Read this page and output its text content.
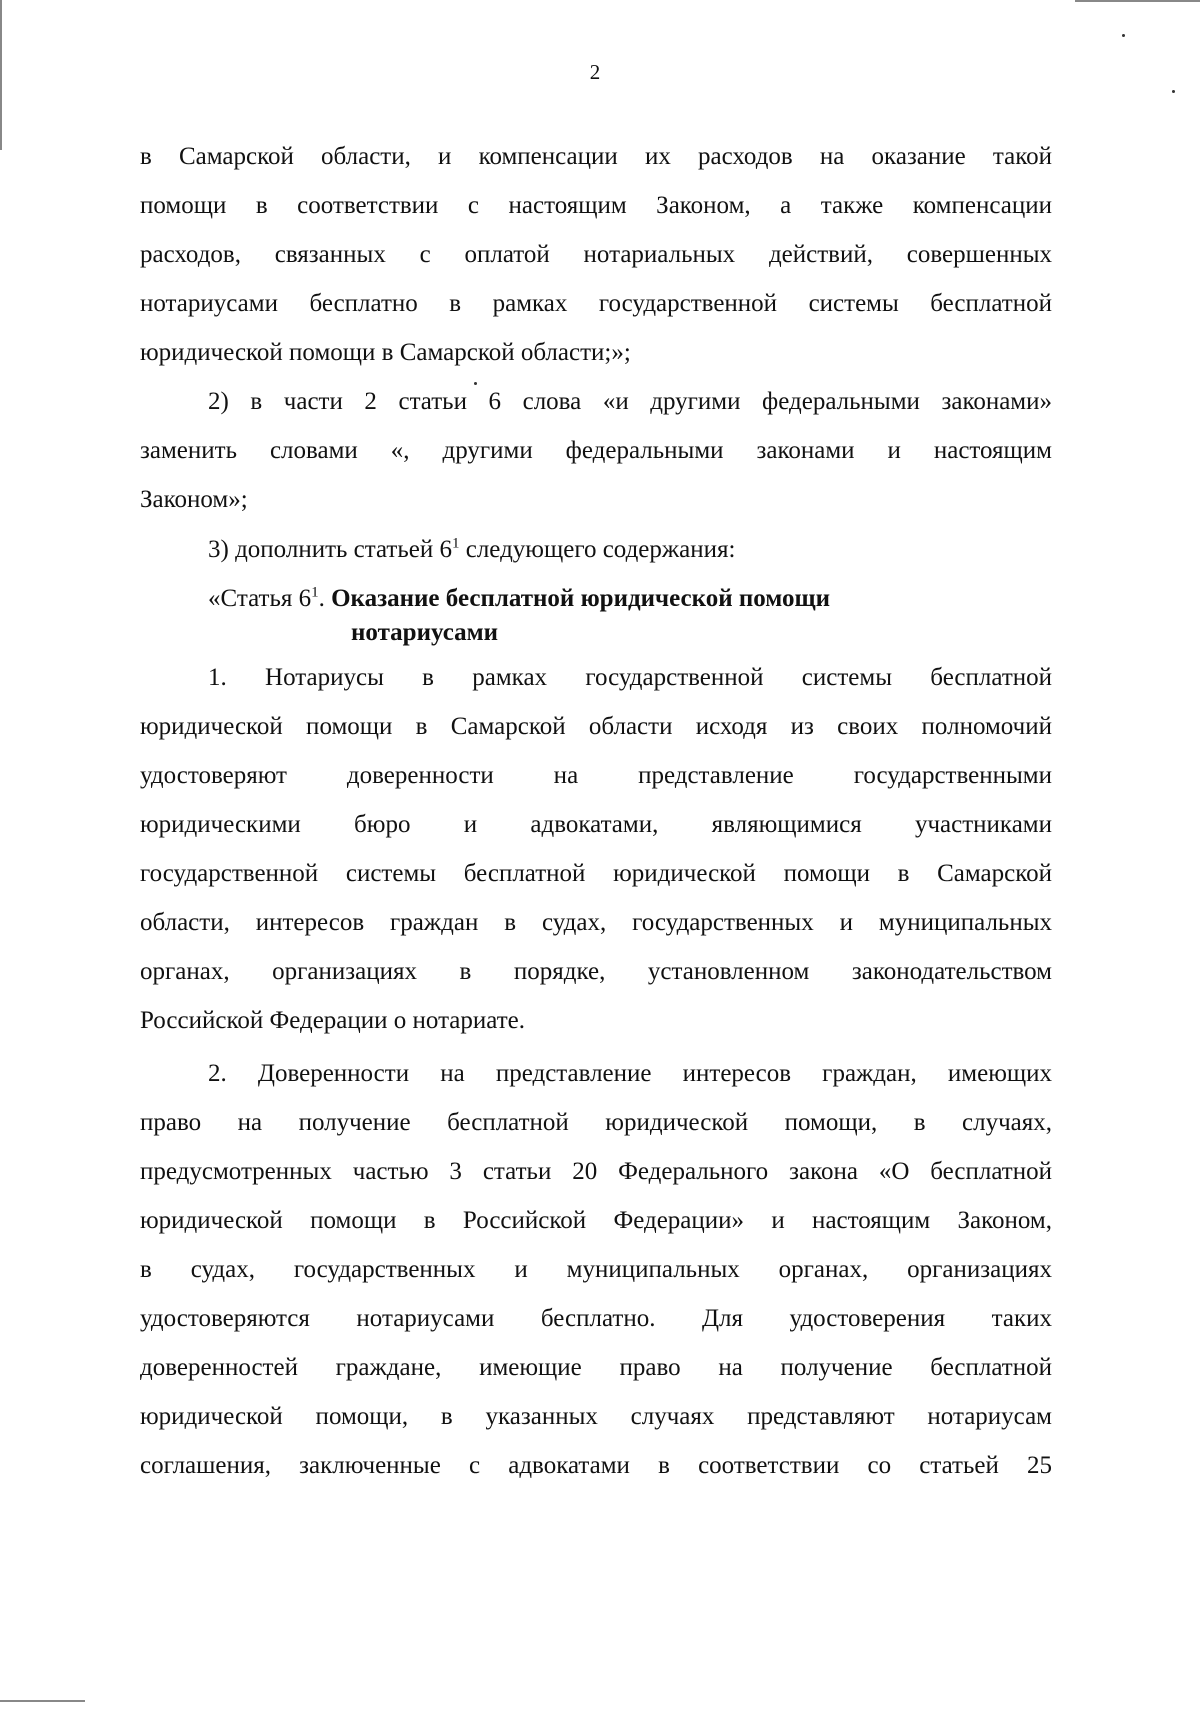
2
в Самарской области, и компенсации их расходов на оказание такой
помощи в соответствии с настоящим Законом, а также компенсации
расходов, связанных с оплатой нотариальных действий, совершенных
нотариусами бесплатно в рамках государственной системы бесплатной
юридической помощи в Самарской области;»;
2) в части 2 статьи 6 слова «и другими федеральными законами»
заменить словами «, другими федеральными законами и настоящим
Законом»;
3) дополнить статьей $6^1$ следующего содержания:
«Статья $6^1$. Оказание бесплатной юридической помощи
нотариусами
1. Нотариусы в рамках государственной системы бесплатной
юридической помощи в Самарской области исходя из своих полномочий
удостоверяют доверенности на представление государственными
юридическими бюро и адвокатами, являющимися участниками
государственной системы бесплатной юридической помощи в Самарской
области, интересов граждан в судах, государственных и муниципальных
органах, организациях в порядке, установленном законодательством
Российской Федерации о нотариате.
2. Доверенности на представление интересов граждан, имеющих
право на получение бесплатной юридической помощи, в случаях,
предусмотренных частью 3 статьи 20 Федерального закона «О бесплатной
юридической помощи в Российской Федерации» и настоящим Законом,
в судах, государственных и муниципальных органах, организациях
удостоверяются нотариусами бесплатно. Для удостоверения таких
доверенностей граждане, имеющие право на получение бесплатной
юридической помощи, в указанных случаях представляют нотариусам
соглашения, заключенные с адвокатами в соответствии со статьей 25
